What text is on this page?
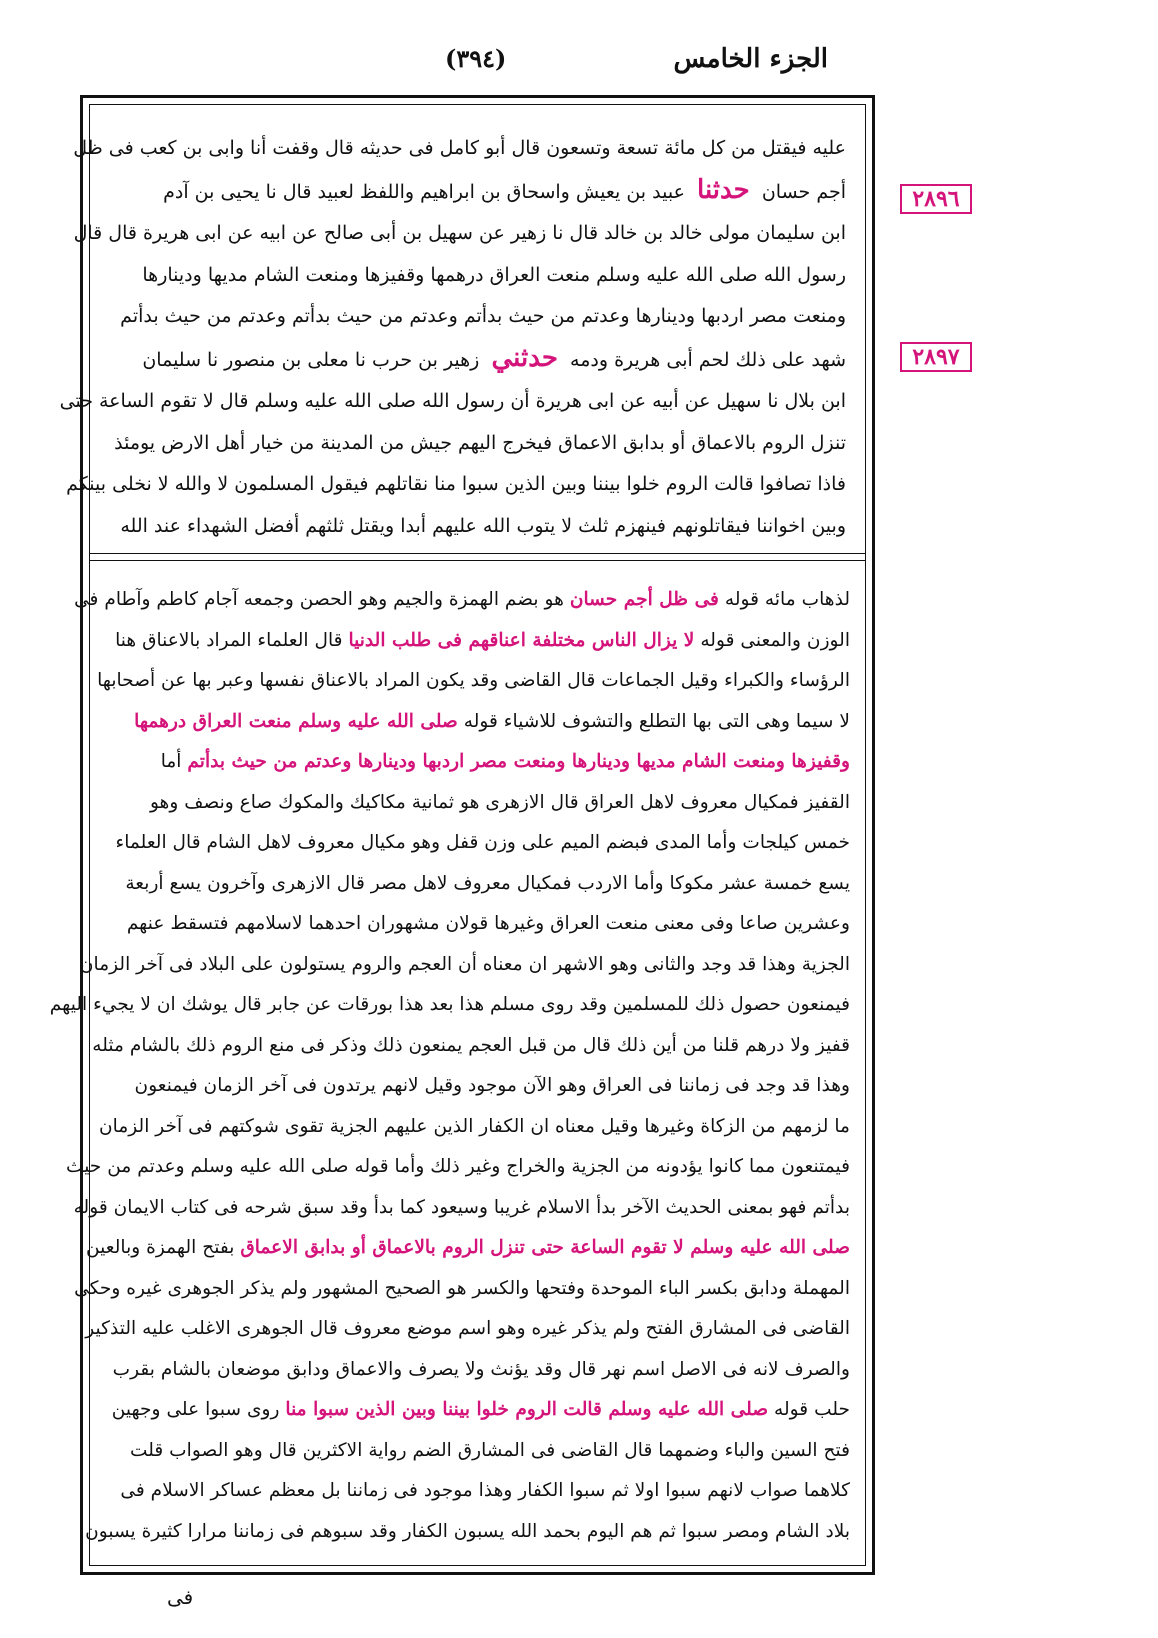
الجزء الخامس
(٣٩٤)
٢٨٩٦
٢٨٩٧
عليه فيقتل من كل مائة تسعة وتسعون قال أبو كامل فى حديثه قال وقفت أنا وابى بن كعب فى ظل
أجم حسان  حدثنا  عبيد بن يعيش واسحاق بن ابراهيم واللفظ لعبيد قال نا يحيى بن آدم
ابن سليمان مولى خالد بن خالد قال نا زهير عن سهيل بن أبى صالح عن ابيه عن ابى هريرة قال قال
رسول الله صلى الله عليه وسلم منعت العراق درهمها وقفيزها ومنعت الشام مديها ودينارها
ومنعت مصر اردبها ودينارها وعدتم من حيث بدأتم وعدتم من حيث بدأتم وعدتم من حيث بدأتم
شهد على ذلك لحم أبى هريرة ودمه  حدثني  زهير بن حرب نا معلى بن منصور نا سليمان
ابن بلال نا سهيل عن أبيه عن ابى هريرة أن رسول الله صلى الله عليه وسلم قال لا تقوم الساعة حتى
تنزل الروم بالاعماق أو بدابق الاعماق فيخرج اليهم جيش من المدينة من خيار أهل الارض يومئذ
فاذا تصافوا قالت الروم خلوا بيننا وبين الذين سبوا منا نقاتلهم فيقول المسلمون لا والله لا نخلى بينكم
وبين اخواننا فيقاتلونهم فينهزم ثلث لا يتوب الله عليهم أبدا ويقتل ثلثهم أفضل الشهداء عند الله
لذهاب مائه قوله فى ظل أجم حسان هو بضم الهمزة والجيم وهو الحصن وجمعه آجام كاطم وآطام فى
الوزن والمعنى قوله لا يزال الناس مختلفة اعناقهم فى طلب الدنيا قال العلماء المراد بالاعناق هنا
الرؤساء والكبراء وقيل الجماعات قال القاضى وقد يكون المراد بالاعناق نفسها وعبر بها عن أصحابها
لا سيما وهى التى بها التطلع والتشوف للاشياء قوله صلى الله عليه وسلم منعت العراق درهمها
وقفيزها ومنعت الشام مديها ودينارها ومنعت مصر اردبها ودينارها وعدتم من حيث بدأتم أما
القفيز فمكيال معروف لاهل العراق قال الازهرى هو ثمانية مكاكيك والمكوك صاع ونصف وهو
خمس كيلجات وأما المدى فبضم الميم على وزن قفل وهو مكيال معروف لاهل الشام قال العلماء
يسع خمسة عشر مكوكا وأما الاردب فمكيال معروف لاهل مصر قال الازهرى وآخرون يسع أربعة
وعشرين صاعا وفى معنى منعت العراق وغيرها قولان مشهوران احدهما لاسلامهم فتسقط عنهم
الجزية وهذا قد وجد والثانى وهو الاشهر ان معناه أن العجم والروم يستولون على البلاد فى آخر الزمان
فيمنعون حصول ذلك للمسلمين وقد روى مسلم هذا بعد هذا بورقات عن جابر قال يوشك ان لا يجيء اليهم
قفيز ولا درهم قلنا من أين ذلك قال من قبل العجم يمنعون ذلك وذكر فى منع الروم ذلك بالشام مثله
وهذا قد وجد فى زماننا فى العراق وهو الآن موجود وقيل لانهم يرتدون فى آخر الزمان فيمنعون
ما لزمهم من الزكاة وغيرها وقيل معناه ان الكفار الذين عليهم الجزية تقوى شوكتهم فى آخر الزمان
فيمتنعون مما كانوا يؤدونه من الجزية والخراج وغير ذلك وأما قوله صلى الله عليه وسلم وعدتم من حيث
بدأتم فهو بمعنى الحديث الآخر بدأ الاسلام غريبا وسيعود كما بدأ وقد سبق شرحه فى كتاب الايمان قوله
صلى الله عليه وسلم لا تقوم الساعة حتى تنزل الروم بالاعماق أو بدابق الاعماق بفتح الهمزة وبالعين
المهملة ودابق بكسر الباء الموحدة وفتحها والكسر هو الصحيح المشهور ولم يذكر الجوهرى غيره وحكى
القاضى فى المشارق الفتح ولم يذكر غيره وهو اسم موضع معروف قال الجوهرى الاغلب عليه التذكير
والصرف لانه فى الاصل اسم نهر قال وقد يؤنث ولا يصرف والاعماق ودابق موضعان بالشام بقرب
حلب قوله صلى الله عليه وسلم قالت الروم خلوا بيننا وبين الذين سبوا منا روى سبوا على وجهين
فتح السين والباء وضمهما قال القاضى فى المشارق الضم رواية الاكثرين قال وهو الصواب قلت
كلاهما صواب لانهم سبوا اولا ثم سبوا الكفار وهذا موجود فى زماننا بل معظم عساكر الاسلام فى
بلاد الشام ومصر سبوا ثم هم اليوم بحمد الله يسبون الكفار وقد سبوهم فى زماننا مرارا كثيرة يسبون
فى
